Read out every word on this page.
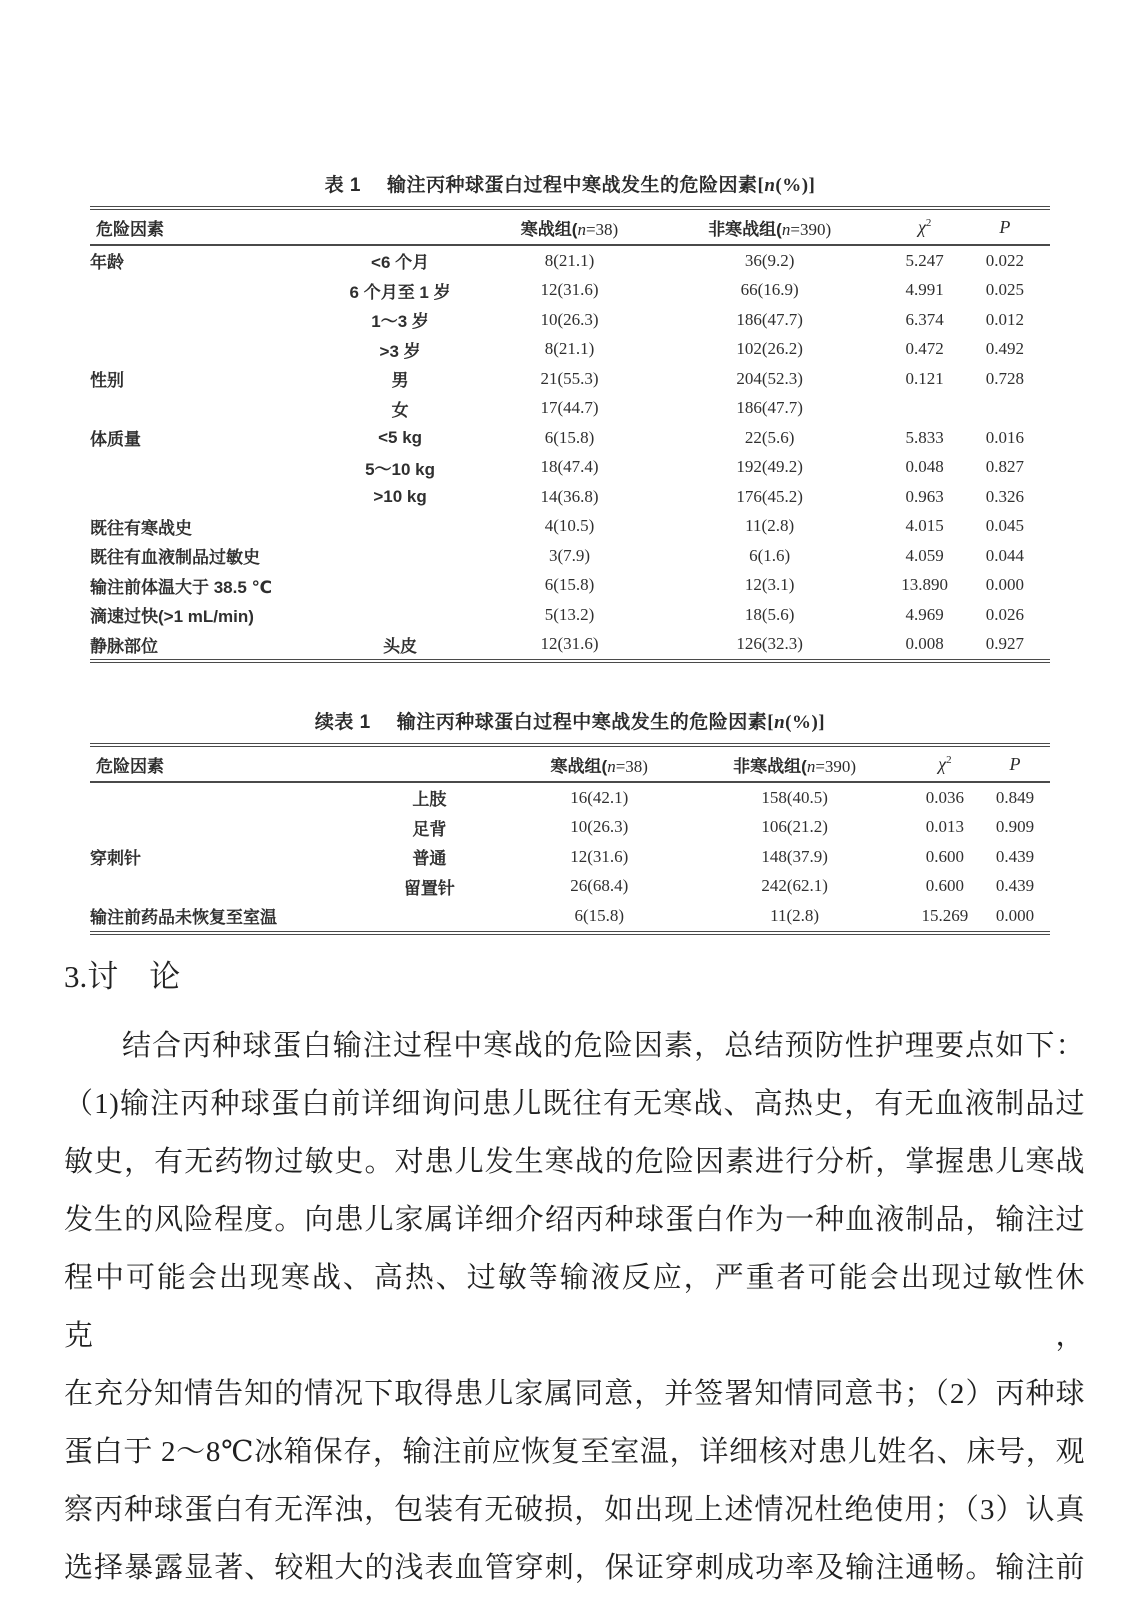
表 1 输注丙种球蛋白过程中寒战发生的危险因素[n(%)]
危险因素		寒战组(n=38)	非寒战组(n=390)	$\chi^2$	P
年龄	<6 个月	8(21.1)	36(9.2)	5.247	0.022
	6 个月至 1 岁	12(31.6)	66(16.9)	4.991	0.025
	1～3 岁	10(26.3)	186(47.7)	6.374	0.012
	>3 岁	8(21.1)	102(26.2)	0.472	0.492
性别	男	21(55.3)	204(52.3)	0.121	0.728
	女	17(44.7)	186(47.7)		
体质量	<5 kg	6(15.8)	22(5.6)	5.833	0.016
	5～10 kg	18(47.4)	192(49.2)	0.048	0.827
	>10 kg	14(36.8)	176(45.2)	0.963	0.326
既往有寒战史		4(10.5)	11(2.8)	4.015	0.045
既往有血液制品过敏史		3(7.9)	6(1.6)	4.059	0.044
输注前体温大于 38.5 ℃		6(15.8)	12(3.1)	13.890	0.000
滴速过快(>1 mL/min)		5(13.2)	18(5.6)	4.969	0.026
静脉部位	头皮	12(31.6)	126(32.3)	0.008	0.927
续表 1 输注丙种球蛋白过程中寒战发生的危险因素[n(%)]
危险因素		寒战组(n=38)	非寒战组(n=390)	$\chi^2$	P
	上肢	16(42.1)	158(40.5)	0.036	0.849
	足背	10(26.3)	106(21.2)	0.013	0.909
穿刺针	普通	12(31.6)	148(37.9)	0.600	0.439
	留置针	26(68.4)	242(62.1)	0.600	0.439
输注前药品未恢复至室温		6(15.8)	11(2.8)	15.269	0.000
3.讨　论
结合丙种球蛋白输注过程中寒战的危险因素，总结预防性护理要点如下：
（1)输注丙种球蛋白前详细询问患儿既往有无寒战、高热史，有无血液制品过
敏史，有无药物过敏史。对患儿发生寒战的危险因素进行分析，掌握患儿寒战
发生的风险程度。向患儿家属详细介绍丙种球蛋白作为一种血液制品，输注过
程中可能会出现寒战、高热、过敏等输液反应，严重者可能会出现过敏性休克，
在充分知情告知的情况下取得患儿家属同意，并签署知情同意书；（2）丙种球
蛋白于 2～8℃冰箱保存，输注前应恢复至室温，详细核对患儿姓名、床号，观
察丙种球蛋白有无浑浊，包装有无破损，如出现上述情况杜绝使用；（3）认真
选择暴露显著、较粗大的浅表血管穿刺，保证穿刺成功率及输注通畅。输注前
